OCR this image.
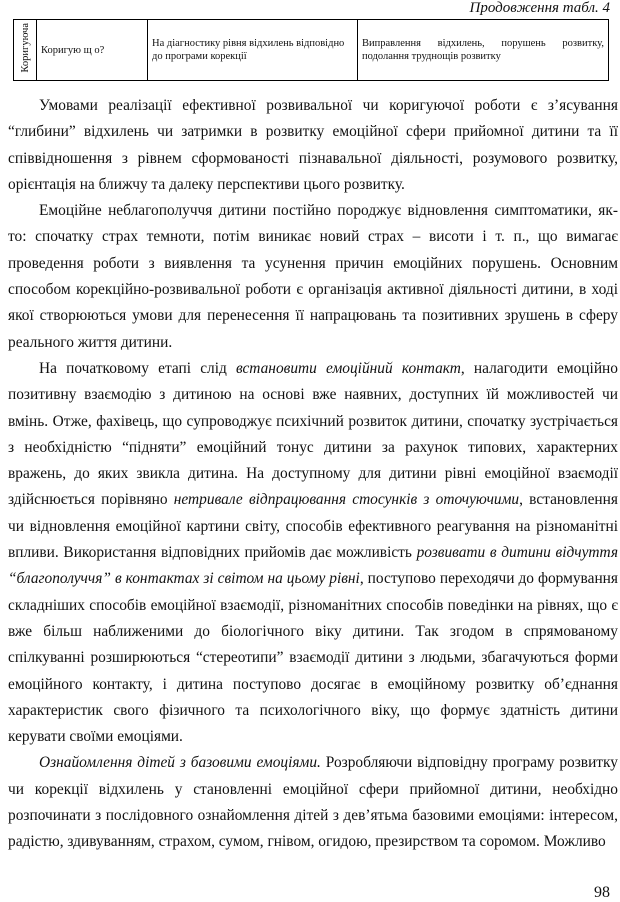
Продовження табл. 4
Коригуюча	Коригую щ о?	На діагностику рівня відхилень відповідно до програми корекції	Виправлення відхилень, порушень розвитку, подолання труднощів розвитку

Умовами реалізації ефективної розвивальної чи коригуючої роботи є з’ясування “глибини” відхилень чи затримки в розвитку емоційної сфери прийомної дитини та її співвідношення з рівнем сформованості пізнавальної діяльності, розумового розвитку, орієнтація на ближчу та далеку перспективи цього розвитку.

Емоційне неблагополуччя дитини постійно породжує відновлення симптоматики, як-то: спочатку страх темноти, потім виникає новий страх – висоти і т. п., що вимагає проведення роботи з виявлення та усунення причин емоційних порушень. Основним способом корекційно-розвивальної роботи є організація активної діяльності дитини, в ході якої створюються умови для перенесення її напрацювань та позитивних зрушень в сферу реального життя дитини.

На початковому етапі слід встановити емоційний контакт, налагодити емоційно позитивну взаємодію з дитиною на основі вже наявних, доступних їй можливостей чи вмінь. Отже, фахівець, що супроводжує психічний розвиток дитини, спочатку зустрічається з необхідністю “підняти” емоційний тонус дитини за рахунок типових, характерних вражень, до яких звикла дитина. На доступному для дитини рівні емоційної взаємодії здійснюється порівняно нетривале відпрацювання стосунків з оточуючими, встановлення чи відновлення емоційної картини світу, способів ефективного реагування на різноманітні впливи. Використання відповідних прийомів дає можливість розвивати в дитини відчуття “благополуччя” в контактах зі світом на цьому рівні, поступово переходячи до формування складніших способів емоційної взаємодії, різноманітних способів поведінки на рівнях, що є вже більш наближеними до біологічного віку дитини. Так згодом в спрямованому спілкуванні розширюються “стереотипи” взаємодії дитини з людьми, збагачуються форми емоційного контакту, і дитина поступово досягає в емоційному розвитку об’єднання характеристик свого фізичного та психологічного віку, що формує здатність дитини керувати своїми емоціями.

Ознайомлення дітей з базовими емоціями. Розробляючи відповідну програму розвитку чи корекції відхилень у становленні емоційної сфери прийомної дитини, необхідно розпочинати з послідовного ознайомлення дітей з дев’ятьма базовими емоціями: інтересом, радістю, здивуванням, страхом, сумом, гнівом, огидою, презирством та соромом. Можливо

98
